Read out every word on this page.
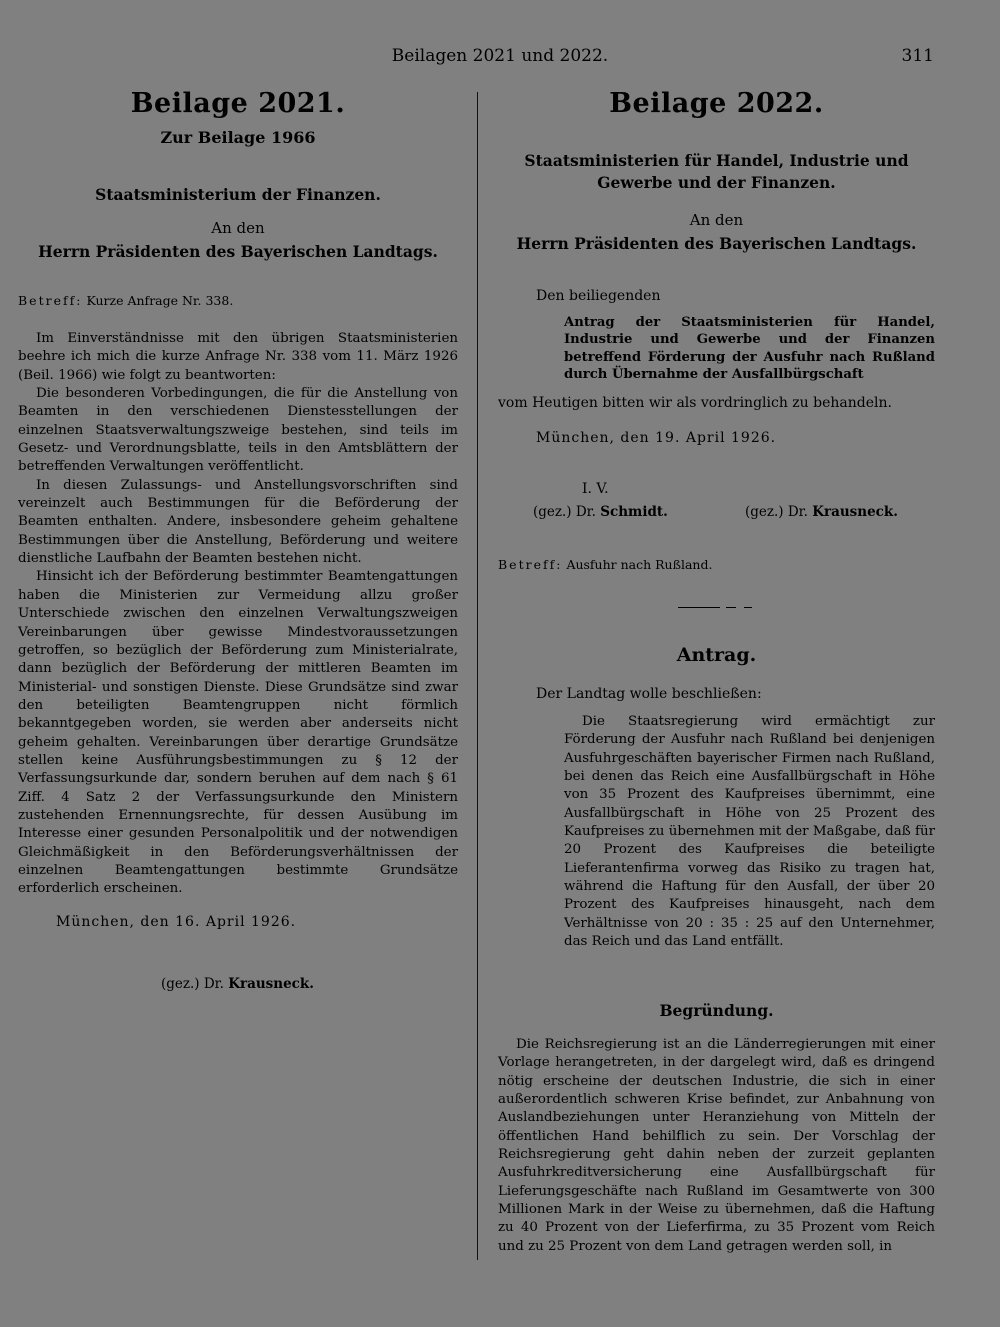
Beilagen 2021 und 2022.	311
Beilage 2021.
Zur Beilage 1966
Staatsministerium der Finanzen.
An den
Herrn Präsidenten des Bayerischen Landtags.
Betreff: Kurze Anfrage Nr. 338.

Im Einverständnisse mit den übrigen Staatsministerien beehre ich mich die kurze Anfrage Nr. 338 vom 11. März 1926 (Beil. 1966) wie folgt zu beantworten:

Die besonderen Vorbedingungen, die für die Anstellung von Beamten in den verschiedenen Dienstesstellungen der einzelnen Staatsverwaltungszweige bestehen, sind teils im Gesetz- und Verordnungsblatte, teils in den Amtsblättern der betreffenden Verwaltungen veröffentlicht.

In diesen Zulassungs- und Anstellungsvorschriften sind vereinzelt auch Bestimmungen für die Beförderung der Beamten enthalten. Andere, insbesondere geheim gehaltene Bestimmungen über die Anstellung, Beförderung und weitere dienstliche Laufbahn der Beamten bestehen nicht.

Hinsicht ich der Beförderung bestimmter Beamtengattungen haben die Ministerien zur Vermeidung allzu großer Unterschiede zwischen den einzelnen Verwaltungszweigen Vereinbarungen über gewisse Mindestvoraussetzungen getroffen, so bezüglich der Beförderung zum Ministerialrate, dann bezüglich der Beförderung der mittleren Beamten im Ministerial- und sonstigen Dienste. Diese Grundsätze sind zwar den beteiligten Beamtengruppen nicht förmlich bekanntgegeben worden, sie werden aber anderseits nicht geheim gehalten. Vereinbarungen über derartige Grundsätze stellen keine Ausführungsbestimmungen zu § 12 der Verfassungsurkunde dar, sondern beruhen auf dem nach § 61 Ziff. 4 Satz 2 der Verfassungsurkunde den Ministern zustehenden Ernennungsrechte, für dessen Ausübung im Interesse einer gesunden Personalpolitik und der notwendigen Gleichmäßigkeit in den Beförderungsverhältnissen der einzelnen Beamtengattungen bestimmte Grundsätze erforderlich erscheinen.

München, den 16. April 1926.
(gez.) Dr. Krausneck.
Beilage 2022.
Staatsministerien für Handel, Industrie und Gewerbe und der Finanzen.
An den
Herrn Präsidenten des Bayerischen Landtags.
Den beiliegenden
Antrag der Staatsministerien für Handel, Industrie und Gewerbe und der Finanzen betreffend Förderung der Ausfuhr nach Rußland durch Übernahme der Ausfallbürgschaft
vom Heutigen bitten wir als vordringlich zu behandeln.
München, den 19. April 1926.
I. V.
(gez.) Dr. Schmidt.	(gez.) Dr. Krausneck.
Betreff: Ausfuhr nach Rußland.
Antrag.
Der Landtag wolle beschließen:

Die Staatsregierung wird ermächtigt zur Förderung der Ausfuhr nach Rußland bei denjenigen Ausfuhrgeschäften bayerischer Firmen nach Rußland, bei denen das Reich eine Ausfallbürgschaft in Höhe von 35 Prozent des Kaufpreises übernimmt, eine Ausfallbürgschaft in Höhe von 25 Prozent des Kaufpreises zu übernehmen mit der Maßgabe, daß für 20 Prozent des Kaufpreises die beteiligte Lieferantenfirma vorweg das Risiko zu tragen hat, während die Haftung für den Ausfall, der über 20 Prozent des Kaufpreises hinausgeht, nach dem Verhältnisse von 20 : 35 : 25 auf den Unternehmer, das Reich und das Land entfällt.

Begründung.

Die Reichsregierung ist an die Länderregierungen mit einer Vorlage herangetreten, in der dargelegt wird, daß es dringend nötig erscheine der deutschen Industrie, die sich in einer außerordentlich schweren Krise befindet, zur Anbahnung von Auslandbeziehungen unter Heranziehung von Mitteln der öffentlichen Hand behilflich zu sein. Der Vorschlag der Reichsregierung geht dahin neben der zurzeit geplanten Ausfuhrkreditversicherung eine Ausfallbürgschaft für Lieferungsgeschäfte nach Rußland im Gesamtwerte von 300 Millionen Mark in der Weise zu übernehmen, daß die Haftung zu 40 Prozent von der Lieferfirma, zu 35 Prozent vom Reich und zu 25 Prozent von dem Land getragen werden soll, in
